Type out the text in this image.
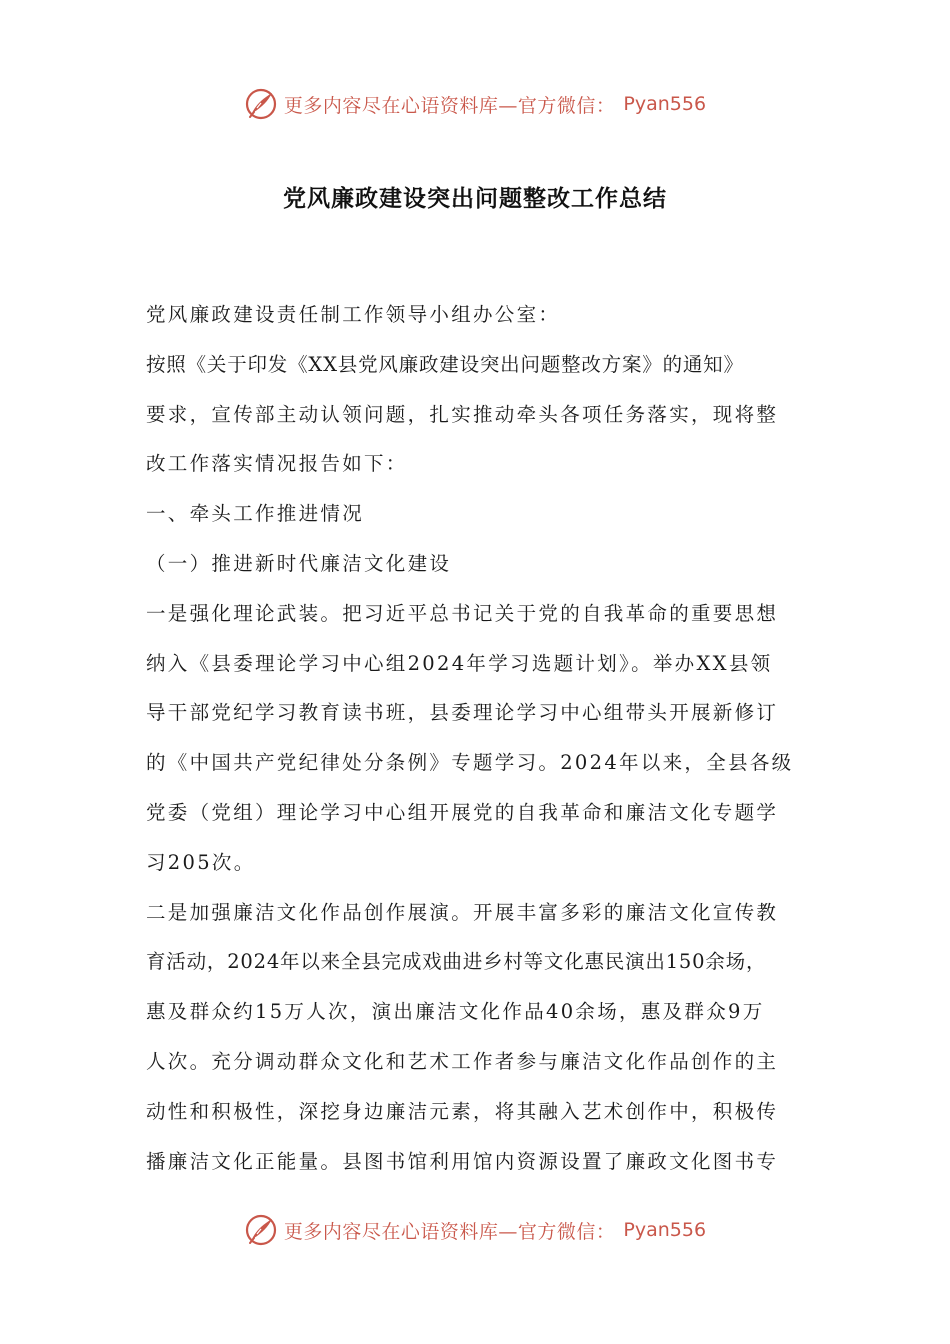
更多内容尽在心语资料库—官方微信： Pyan556
党风廉政建设突出问题整改工作总结
党风廉政建设责任制工作领导小组办公室：
按照《关于印发《XX县党风廉政建设突出问题整改方案》的通知》
要求，宣传部主动认领问题，扎实推动牵头各项任务落实，现将整
改工作落实情况报告如下：
一、牵头工作推进情况
（一）推进新时代廉洁文化建设
一是强化理论武装。把习近平总书记关于党的自我革命的重要思想
纳入《县委理论学习中心组2024年学习选题计划》。举办XX县领
导干部党纪学习教育读书班，县委理论学习中心组带头开展新修订
的《中国共产党纪律处分条例》专题学习。2024年以来，全县各级
党委（党组）理论学习中心组开展党的自我革命和廉洁文化专题学
习205次。
二是加强廉洁文化作品创作展演。开展丰富多彩的廉洁文化宣传教
育活动，2024年以来全县完成戏曲进乡村等文化惠民演出150余场，
惠及群众约15万人次，演出廉洁文化作品40余场，惠及群众9万
人次。充分调动群众文化和艺术工作者参与廉洁文化作品创作的主
动性和积极性，深挖身边廉洁元素，将其融入艺术创作中，积极传
播廉洁文化正能量。县图书馆利用馆内资源设置了廉政文化图书专
更多内容尽在心语资料库—官方微信： Pyan556
